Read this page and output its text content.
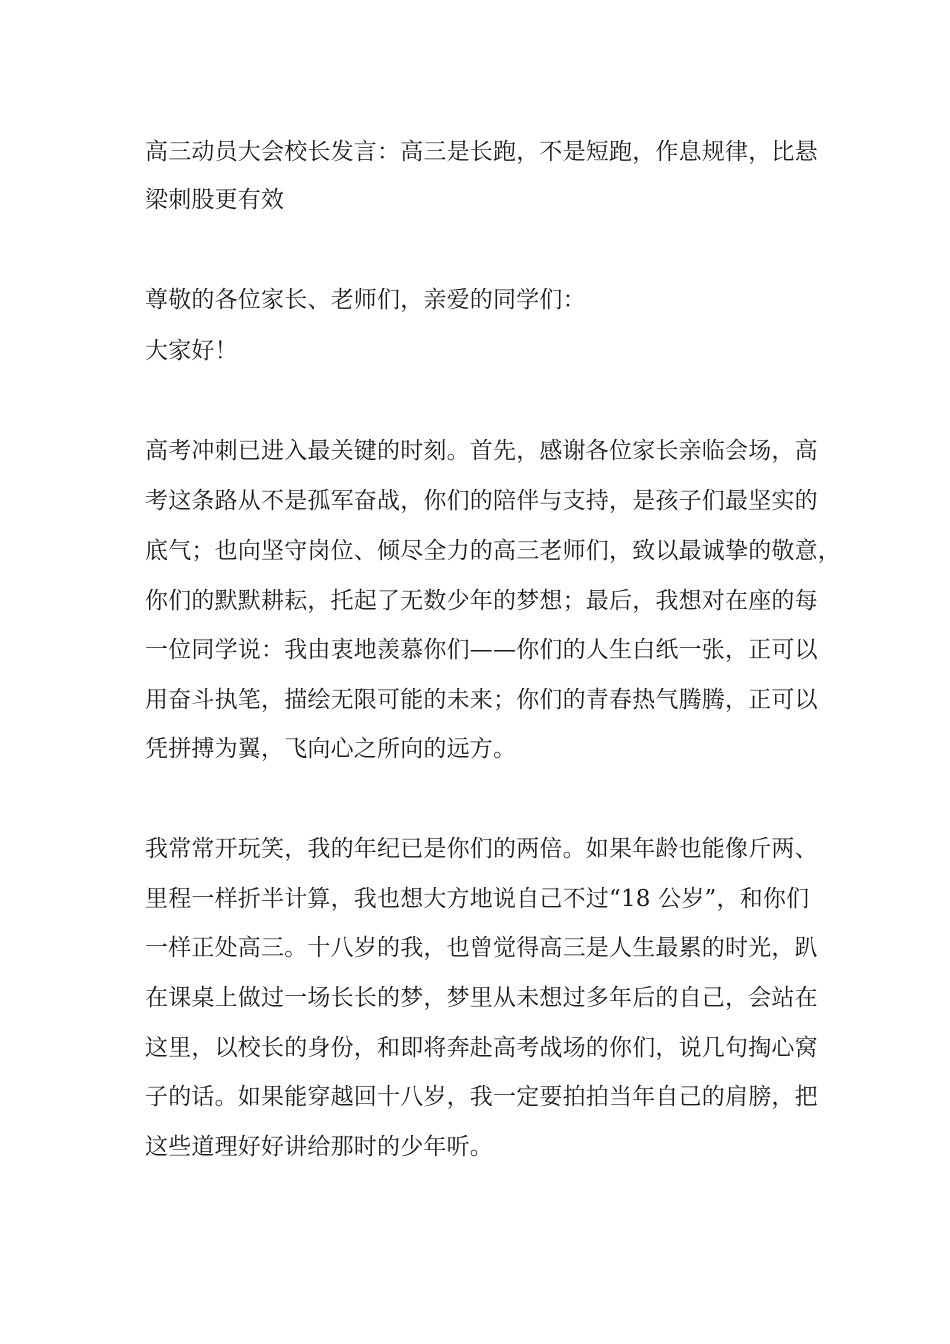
高三动员大会校长发言：高三是长跑，不是短跑，作息规律，比悬

梁刺股更有效

尊敬的各位家长、老师们，亲爱的同学们：

大家好！

高考冲刺已进入最关键的时刻。首先，感谢各位家长亲临会场，高

考这条路从不是孤军奋战，你们的陪伴与支持，是孩子们最坚实的

底气；也向坚守岗位、倾尽全力的高三老师们，致以最诚挚的敬意，

你们的默默耕耘，托起了无数少年的梦想；最后，我想对在座的每

一位同学说：我由衷地羡慕你们——你们的人生白纸一张，正可以

用奋斗执笔，描绘无限可能的未来；你们的青春热气腾腾，正可以

凭拼搏为翼，飞向心之所向的远方。

我常常开玩笑，我的年纪已是你们的两倍。如果年龄也能像斤两、

里程一样折半计算，我也想大方地说自己不过“18 公岁”，和你们

一样正处高三。十八岁的我，也曾觉得高三是人生最累的时光，趴

在课桌上做过一场长长的梦，梦里从未想过多年后的自己，会站在

这里，以校长的身份，和即将奔赴高考战场的你们，说几句掏心窝

子的话。如果能穿越回十八岁，我一定要拍拍当年自己的肩膀，把

这些道理好好讲给那时的少年听。
